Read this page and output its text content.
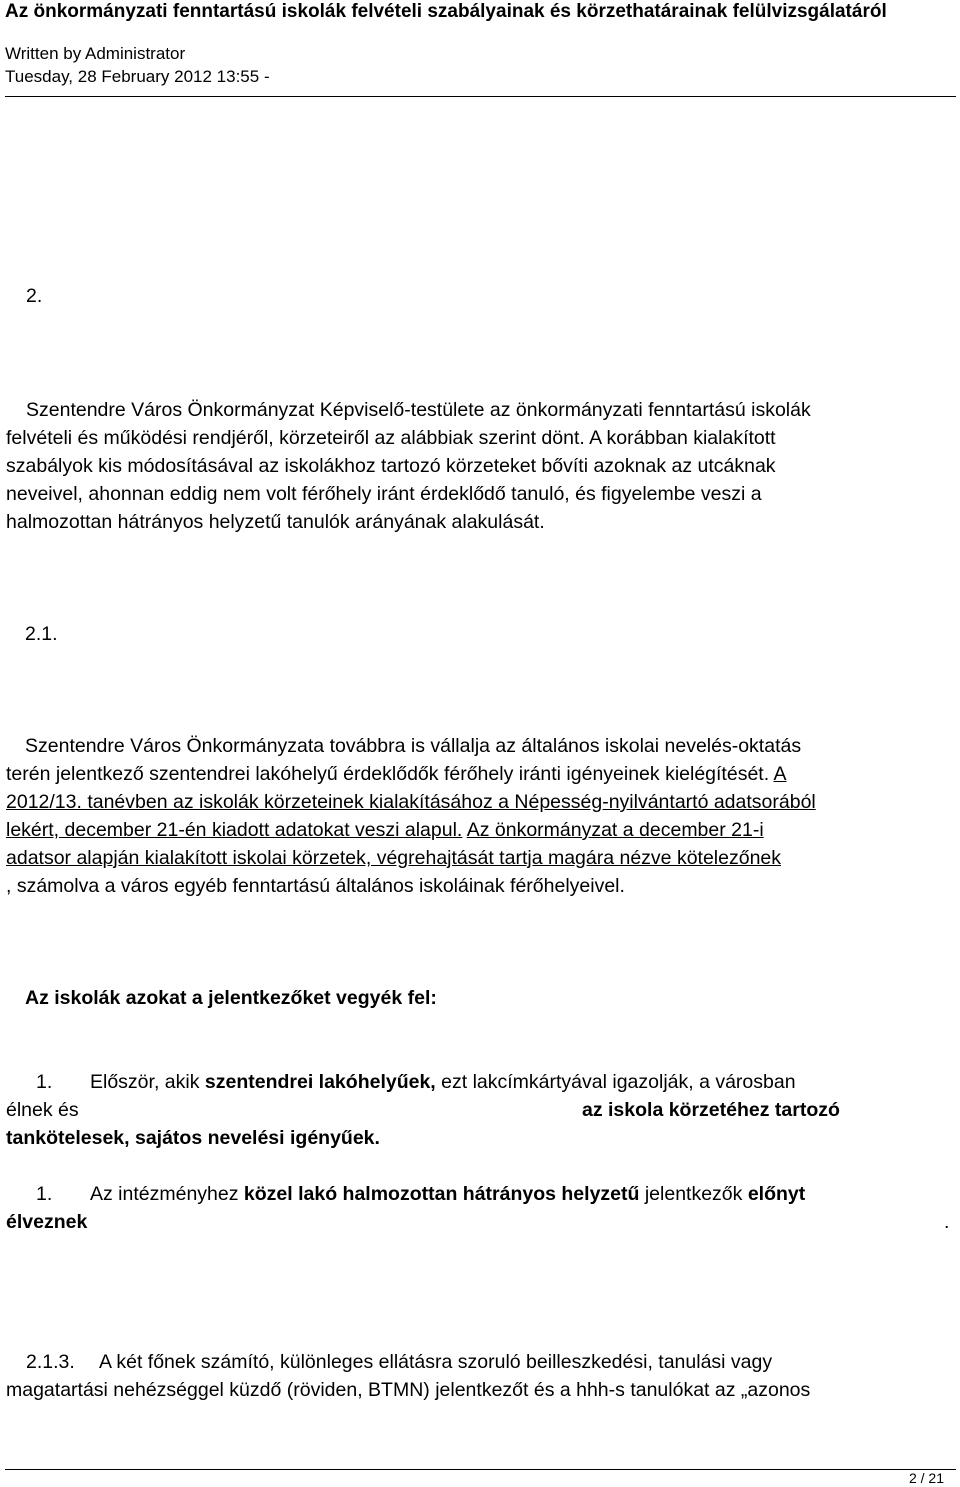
Az önkormányzati fenntartású iskolák felvételi szabályainak és körzethatárainak felülvizsgálatáról
Written by Administrator
Tuesday, 28 February 2012 13:55 -
2.
Szentendre Város Önkormányzat Képviselő-testülete az önkormányzati fenntartású iskolák
felvételi és működési rendjéről, körzeteiről az alábbiak szerint dönt. A korábban kialakított
szabályok kis módosításával az iskolákhoz tartozó körzeteket bővíti azoknak az utcáknak
neveivel, ahonnan eddig nem volt férőhely iránt érdeklődő tanuló, és figyelembe veszi a
halmozottan hátrányos helyzetű tanulók arányának alakulását.
2.1.
Szentendre Város Önkormányzata továbbra is vállalja az általános iskolai nevelés-oktatás
terén jelentkező szentendrei lakóhelyű érdeklődők férőhely iránti igényeinek kielégítését. A
2012/13. tanévben az iskolák körzeteinek kialakításához a Népesség-nyilvántartó adatsorából
lekért, december 21-én kiadott adatokat veszi alapul. Az önkormányzat a december 21-i
adatsor alapján kialakított iskolai körzetek, végrehajtását tartja magára nézve kötelezőnek
, számolva a város egyéb fenntartású általános iskoláinak férőhelyeivel.
Az iskolák azokat a jelentkezőket vegyék fel:
1. Először, akik szentendrei lakóhelyűek, ezt lakcímkártyával igazolják, a városban
élnek és	az iskola körzetéhez tartozó
tankötelesek, sajátos nevelési igényűek.
1. Az intézményhez közel lakó halmozottan hátrányos helyzetű jelentkezők előnyt
élveznek	.
2.1.3. A két főnek számító, különleges ellátásra szoruló beilleszkedési, tanulási vagy
magatartási nehézséggel küzdő (röviden, BTMN) jelentkezőt és a hhh-s tanulókat az „azonos
2 / 21
